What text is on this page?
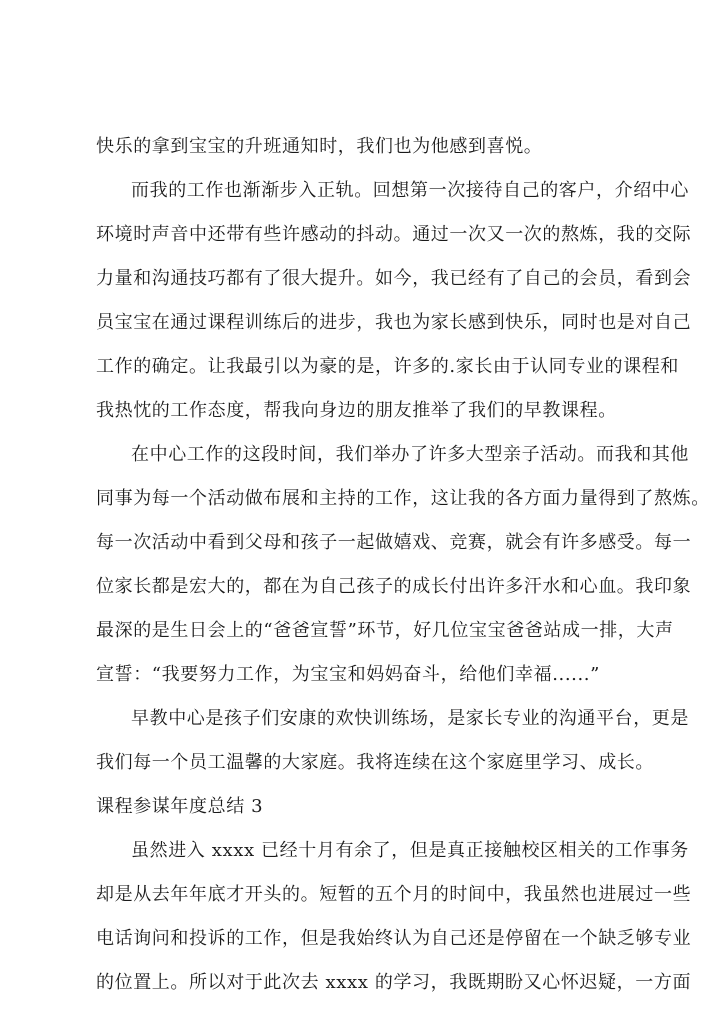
快乐的拿到宝宝的升班通知时，我们也为他感到喜悦。
而我的工作也渐渐步入正轨。回想第一次接待自己的客户，介绍中心
环境时声音中还带有些许感动的抖动。通过一次又一次的熬炼，我的交际
力量和沟通技巧都有了很大提升。如今，我已经有了自己的会员，看到会
员宝宝在通过课程训练后的进步，我也为家长感到快乐，同时也是对自己
工作的确定。让我最引以为豪的是，许多的.家长由于认同专业的课程和
我热忱的工作态度，帮我向身边的朋友推举了我们的早教课程。
在中心工作的这段时间，我们举办了许多大型亲子活动。而我和其他
同事为每一个活动做布展和主持的工作，这让我的各方面力量得到了熬炼。
每一次活动中看到父母和孩子一起做嬉戏、竞赛，就会有许多感受。每一
位家长都是宏大的，都在为自己孩子的成长付出许多汗水和心血。我印象
最深的是生日会上的“爸爸宣誓”环节，好几位宝宝爸爸站成一排，大声
宣誓：“我要努力工作，为宝宝和妈妈奋斗，给他们幸福......”
早教中心是孩子们安康的欢快训练场，是家长专业的沟通平台，更是
我们每一个员工温馨的大家庭。我将连续在这个家庭里学习、成长。
课程参谋年度总结 3
虽然进入 xxxx 已经十月有余了，但是真正接触校区相关的工作事务
却是从去年年底才开头的。短暂的五个月的时间中，我虽然也进展过一些
电话询问和投诉的工作，但是我始终认为自己还是停留在一个缺乏够专业
的位置上。所以对于此次去 xxxx 的学习，我既期盼又心怀迟疑，一方面
